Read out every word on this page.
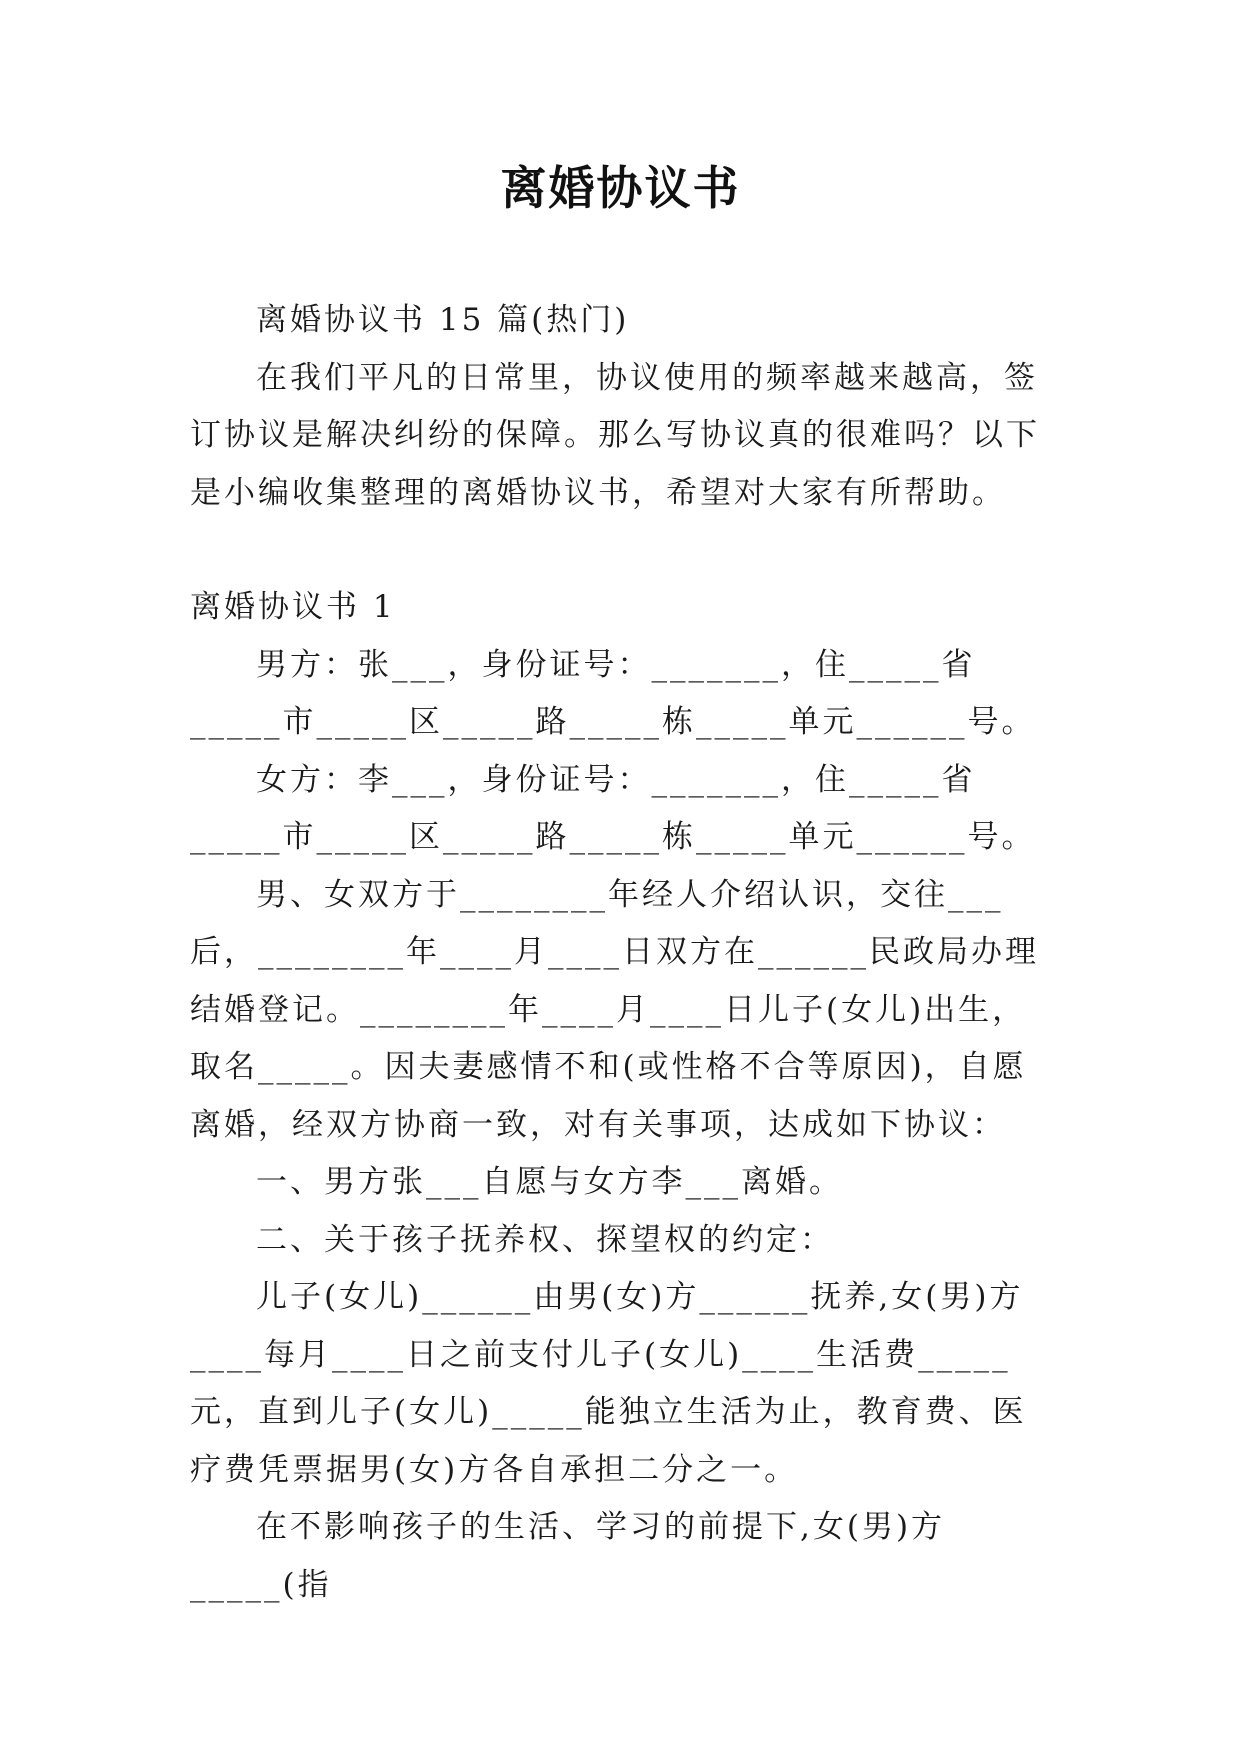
离婚协议书

离婚协议书 15 篇(热门)

在我们平凡的日常里，协议使用的频率越来越高，签订协议是解决纠纷的保障。那么写协议真的很难吗？以下是小编收集整理的离婚协议书，希望对大家有所帮助。

离婚协议书 1

男方：张___，身份证号：_______，住_____省_____市_____区_____路_____栋_____单元______号。

女方：李___，身份证号：_______，住_____省_____市_____区_____路_____栋_____单元______号。

男、女双方于________年经人介绍认识，交往___后，________年____月____日双方在______民政局办理结婚登记。________年____月____日儿子(女儿)出生，取名_____。因夫妻感情不和(或性格不合等原因)，自愿离婚，经双方协商一致，对有关事项，达成如下协议：

一、男方张___自愿与女方李___离婚。

二、关于孩子抚养权、探望权的约定：

儿子(女儿)______由男(女)方______抚养,女(男)方____每月____日之前支付儿子(女儿)____生活费_____元，直到儿子(女儿)_____能独立生活为止，教育费、医疗费凭票据男(女)方各自承担二分之一。

在不影响孩子的生活、学习的前提下,女(男)方_____(指
